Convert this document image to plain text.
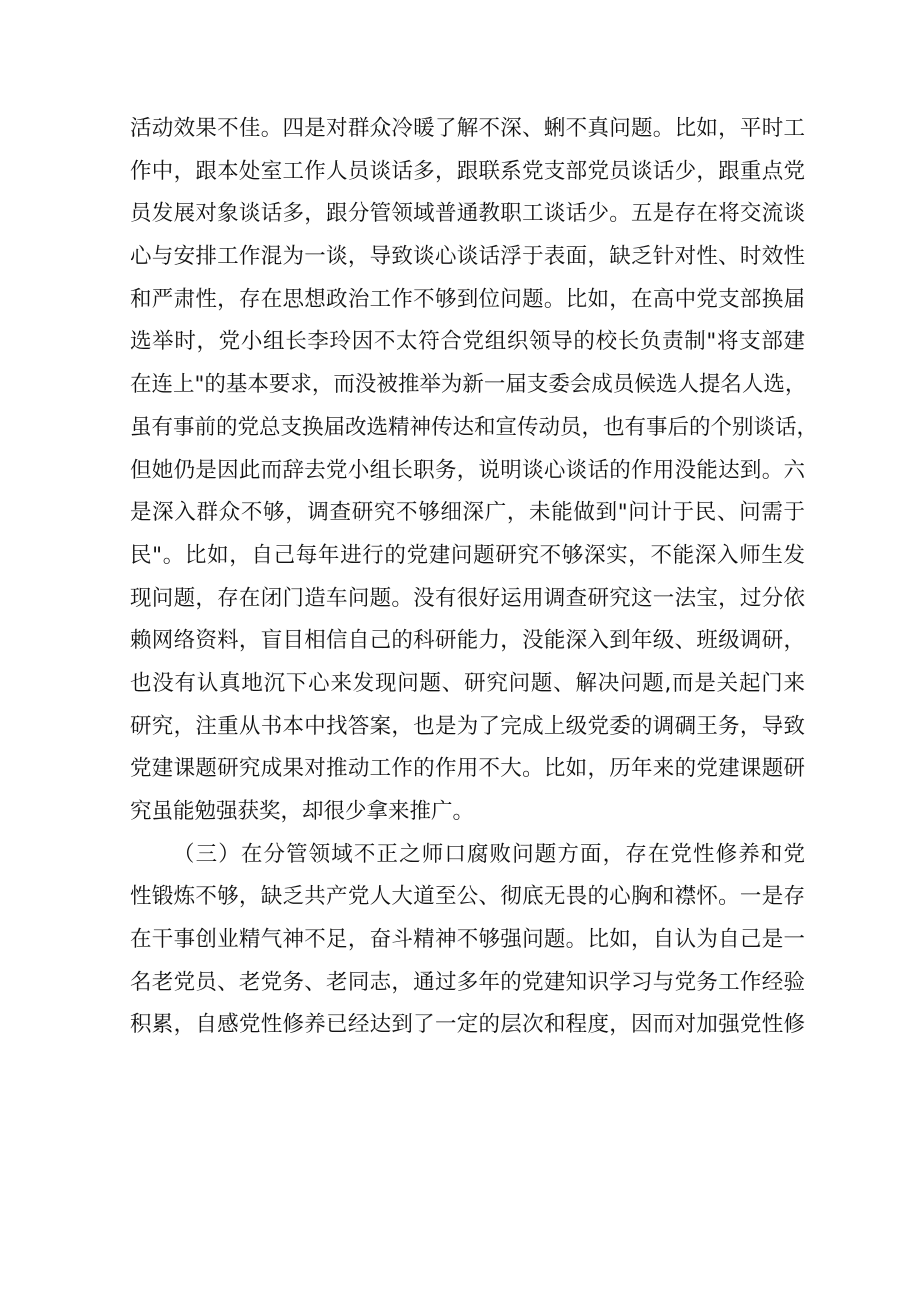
活动效果不佳。四是对群众冷暖了解不深、蜊不真问题。比如，平时工
作中，跟本处室工作人员谈话多，跟联系党支部党员谈话少，跟重点党
员发展对象谈话多，跟分管领域普通教职工谈话少。五是存在将交流谈
心与安排工作混为一谈，导致谈心谈话浮于表面，缺乏针对性、时效性
和严肃性，存在思想政治工作不够到位问题。比如，在高中党支部换届
选举时，党小组长李玲因不太符合党组织领导的校长负责制"将支部建
在连上"的基本要求，而没被推举为新一届支委会成员候选人提名人选，
虽有事前的党总支换届改选精神传达和宣传动员，也有事后的个别谈话，
但她仍是因此而辞去党小组长职务，说明谈心谈话的作用没能达到。六
是深入群众不够，调查研究不够细深广，未能做到"问计于民、问需于
民"。比如，自己每年进行的党建问题研究不够深实，不能深入师生发
现问题，存在闭门造车问题。没有很好运用调查研究这一法宝，过分依
赖网络资料，盲目相信自己的科研能力，没能深入到年级、班级调研，
也没有认真地沉下心来发现问题、研究问题、解决问题,而是关起门来
研究，注重从书本中找答案，也是为了完成上级党委的调碉王务，导致
党建课题研究成果对推动工作的作用不大。比如，历年来的党建课题研
究虽能勉强获奖，却很少拿来推广。
（三）在分管领域不正之师口腐败问题方面，存在党性修养和党
性锻炼不够，缺乏共产党人大道至公、彻底无畏的心胸和襟怀。一是存
在干事创业精气神不足，奋斗精神不够强问题。比如，自认为自己是一
名老党员、老党务、老同志，通过多年的党建知识学习与党务工作经验
积累，自感党性修养已经达到了一定的层次和程度，因而对加强党性修
